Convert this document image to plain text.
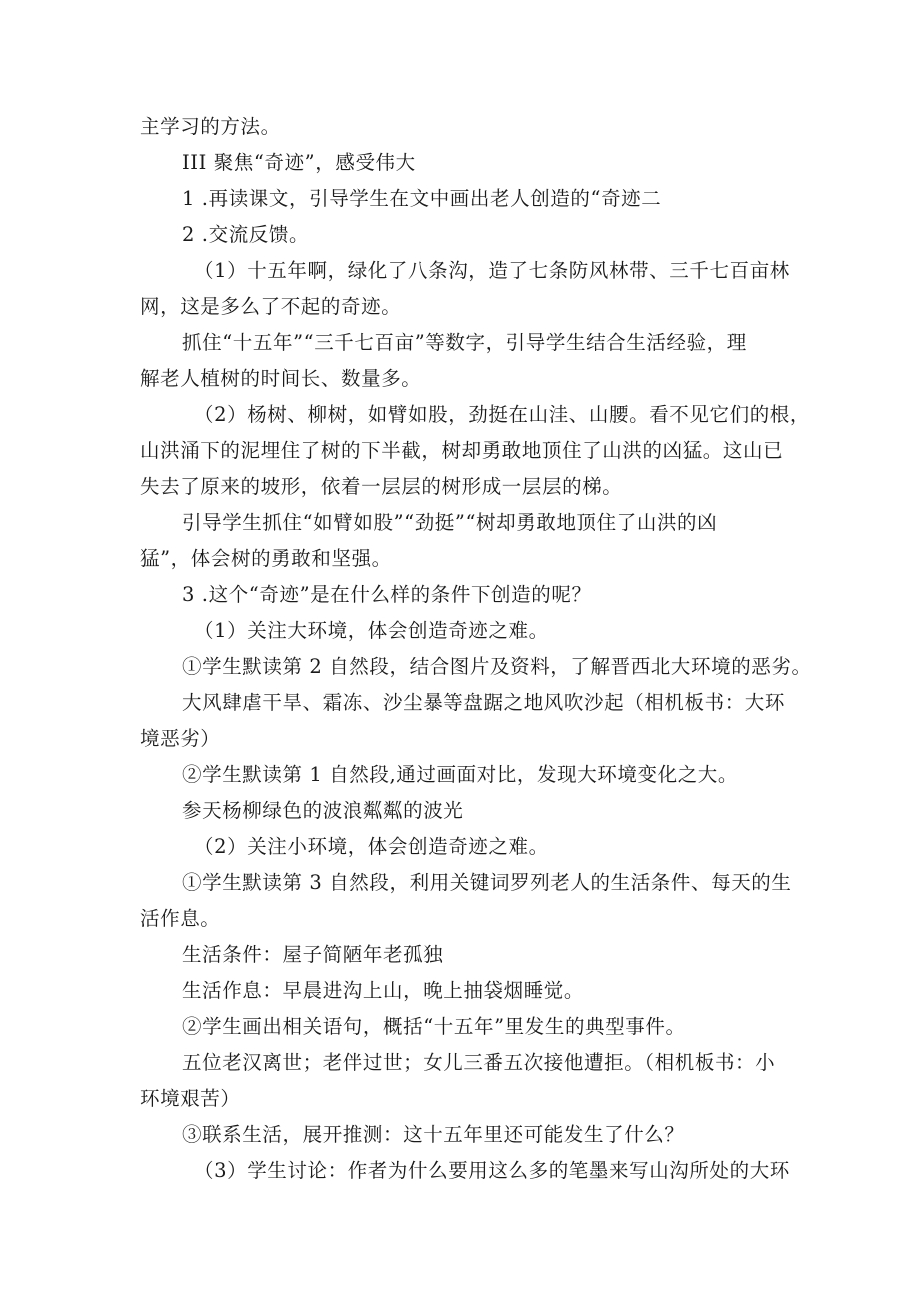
主学习的方法。
III 聚焦“奇迹”，感受伟大
1 .再读课文，引导学生在文中画出老人创造的“奇迹二
2 .交流反馈。
（1）十五年啊，绿化了八条沟，造了七条防风林带、三千七百亩林
网，这是多么了不起的奇迹。
抓住“十五年”“三千七百亩”等数字，引导学生结合生活经验，理
解老人植树的时间长、数量多。
（2）杨树、柳树，如臂如股，劲挺在山洼、山腰。看不见它们的根，
山洪涌下的泥埋住了树的下半截，树却勇敢地顶住了山洪的凶猛。这山已
失去了原来的坡形，依着一层层的树形成一层层的梯。
引导学生抓住“如臂如股”“劲挺”“树却勇敢地顶住了山洪的凶
猛”，体会树的勇敢和坚强。
3 .这个“奇迹”是在什么样的条件下创造的呢？
（1）关注大环境，体会创造奇迹之难。
①学生默读第 2 自然段，结合图片及资料，了解晋西北大环境的恶劣。
大风肆虐干旱、霜冻、沙尘暴等盘踞之地风吹沙起（相机板书：大环
境恶劣）
②学生默读第 1 自然段,通过画面对比，发现大环境变化之大。
参天杨柳绿色的波浪粼粼的波光
（2）关注小环境，体会创造奇迹之难。
①学生默读第 3 自然段，利用关键词罗列老人的生活条件、每天的生
活作息。
生活条件：屋子简陋年老孤独
生活作息：早晨进沟上山，晚上抽袋烟睡觉。
②学生画出相关语句，概括“十五年”里发生的典型事件。
五位老汉离世；老伴过世；女儿三番五次接他遭拒。（相机板书：小
环境艰苦）
③联系生活，展开推测：这十五年里还可能发生了什么？
（3）学生讨论：作者为什么要用这么多的笔墨来写山沟所处的大环
